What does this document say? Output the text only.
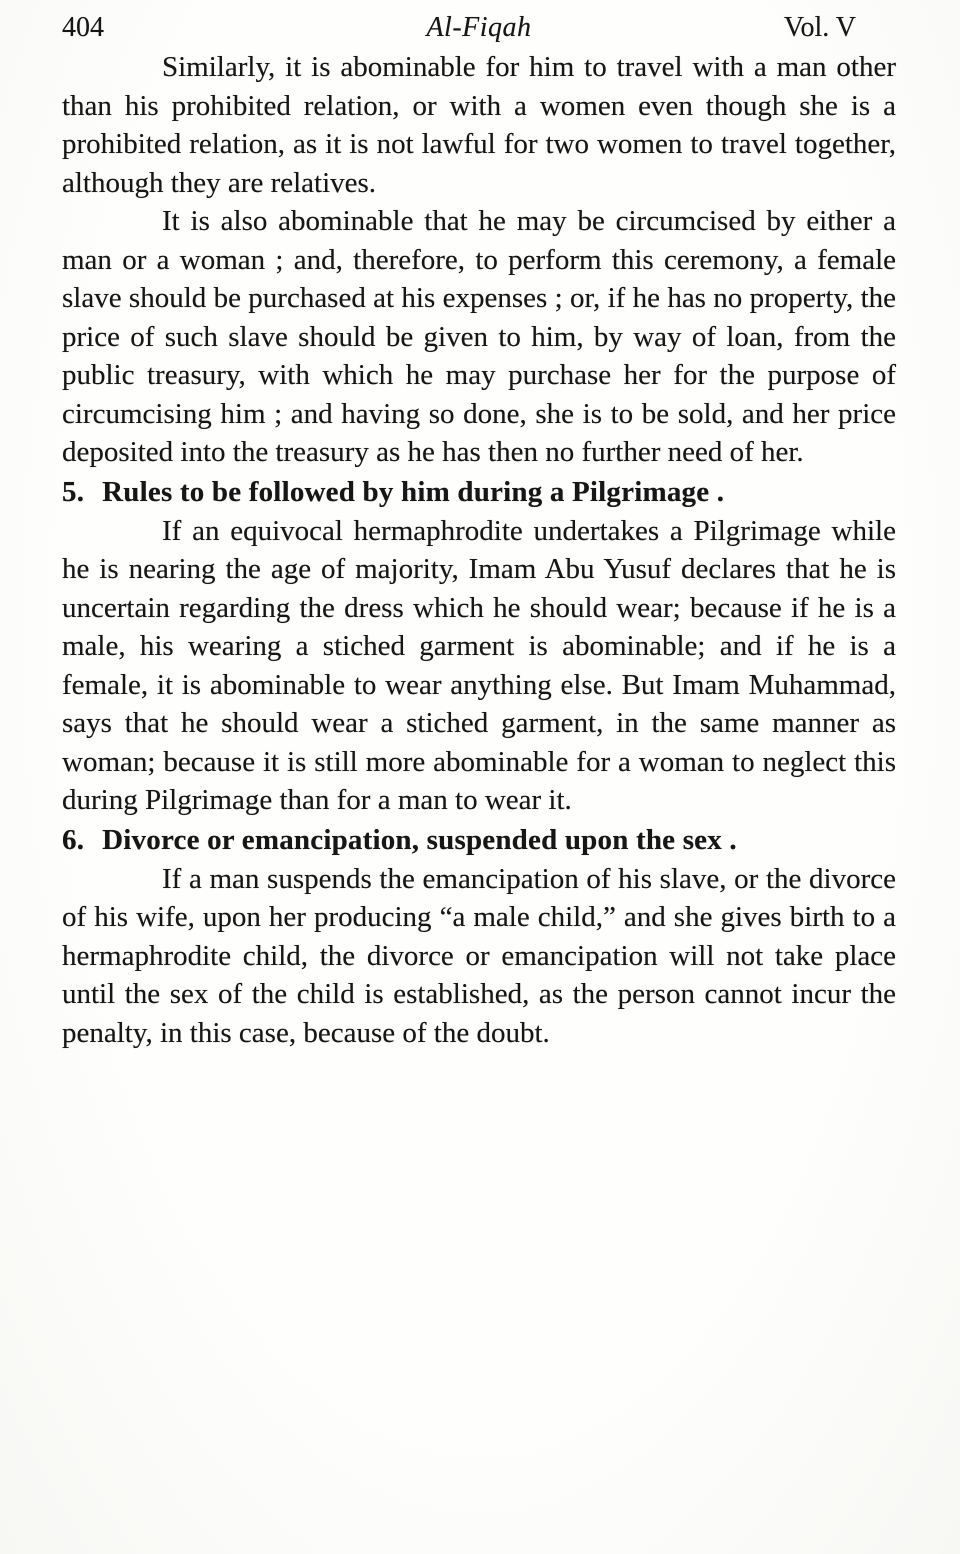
404	Al-Fiqah	Vol. V

Similarly, it is abominable for him to travel with a man other than his prohibited relation, or with a women even though she is a prohibited relation, as it is not lawful for two women to travel together, although they are relatives.

It is also abominable that he may be circumcised by either a man or a woman ; and, therefore, to perform this ceremony, a female slave should be purchased at his expenses ; or, if he has no property, the price of such slave should be given to him, by way of loan, from the public treasury, with which he may purchase her for the purpose of circumcising him ; and having so done, she is to be sold, and her price deposited into the treasury as he has then no further need of her.

5. Rules to be followed by him during a Pilgrimage .

If an equivocal hermaphrodite undertakes a Pilgrimage while he is nearing the age of majority, Imam Abu Yusuf declares that he is uncertain regarding the dress which he should wear; because if he is a male, his wearing a stiched garment is abominable; and if he is a female, it is abominable to wear anything else. But Imam Muhammad, says that he should wear a stiched garment, in the same manner as woman; because it is still more abominable for a woman to neglect this during Pilgrimage than for a man to wear it.

6. Divorce or emancipation, suspended upon the sex .

If a man suspends the emancipation of his slave, or the divorce of his wife, upon her producing “a male child,” and she gives birth to a hermaphrodite child, the divorce or emancipation will not take place until the sex of the child is established, as the person cannot incur the penalty, in this case, because of the doubt.
